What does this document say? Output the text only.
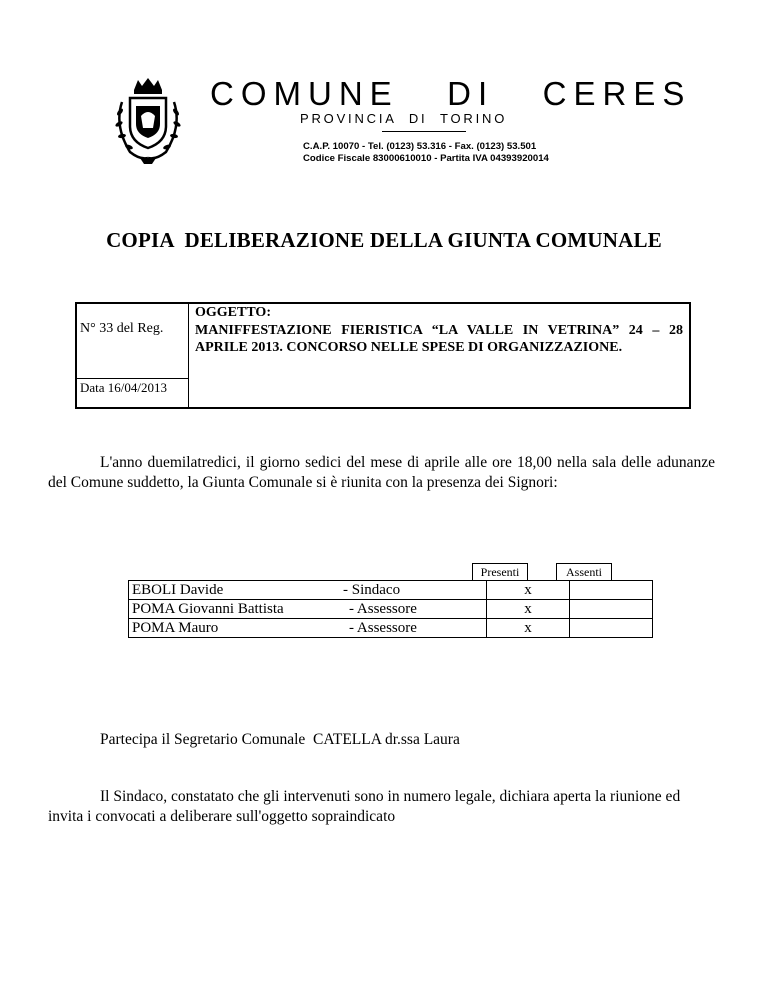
COMUNE   DI   CERES
PROVINCIA  DI  TORINO
C.A.P. 10070 - Tel. (0123) 53.316 - Fax. (0123) 53.501
Codice Fiscale 83000610010 - Partita IVA 04393920014
COPIA  DELIBERAZIONE DELLA GIUNTA COMUNALE
N° 33 del Reg.
Data 16/04/2013
OGGETTO:
MANIFFESTAZIONE FIERISTICA “LA VALLE IN VETRINA” 24 – 28 APRILE 2013. CONCORSO NELLE SPESE DI ORGANIZZAZIONE.
L'anno duemilatredici, il giorno sedici del mese di aprile alle ore 18,00 nella sala delle adunanze del Comune suddetto, la Giunta Comunale si è riunita con la presenza dei Signori:
Presenti	Assenti
EBOLI Davide	- Sindaco	x	
POMA Giovanni Battista	- Assessore	x	
POMA Mauro	- Assessore	x	
Partecipa il Segretario Comunale  CATELLA dr.ssa Laura
Il Sindaco, constatato che gli intervenuti sono in numero legale, dichiara aperta la riunione ed invita i convocati a deliberare sull'oggetto sopraindicato
